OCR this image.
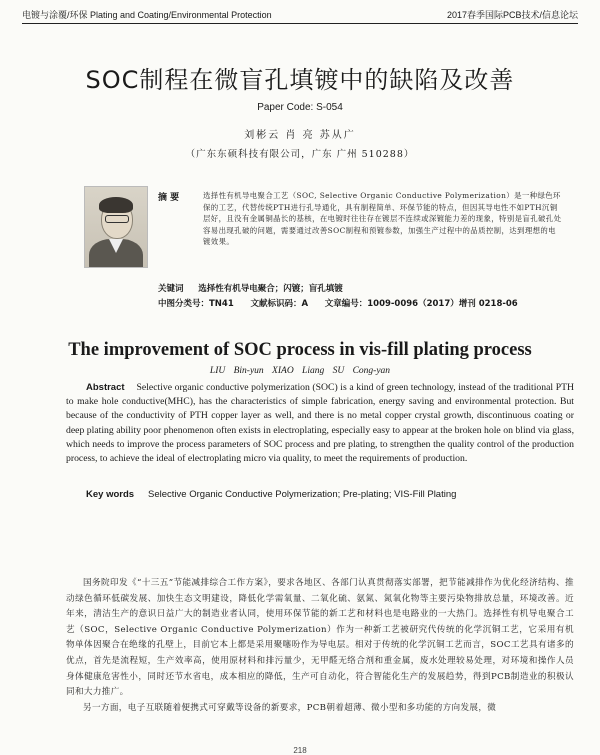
电镀与涂覆/环保 Plating and Coating/Environmental Protection	2017春季国际PCB技术/信息论坛
SOC制程在微盲孔填镀中的缺陷及改善
Paper Code: S-054
刘彬云 肖 亮 苏从广
（广东东硕科技有限公司，广东 广州 510288）
摘 要	选择性有机导电聚合工艺（SOC, Selective Organic Conductive Polymerization）是一种绿色环保的工艺，代替传统PTH进行孔导通化，具有制程简单、环保节能的特点，但因其导电性不如PTH沉铜层好，且没有金属铜晶长的基核，在电镀时往往存在镀层不连续或深镀能力差的现象，特别是盲孔破孔处容易出现孔破的问题，需要通过改善SOC制程和预镀参数，加强生产过程中的品质控制，达到理想的电镀效果。
关键词 选择性有机导电聚合；闪镀；盲孔填镀
中图分类号：TN41 文献标识码：A 文章编号：1009-0096（2017）增刊 0218-06
The improvement of SOC process in vis-fill plating process
LIU Bin-yun XIAO Liang SU Cong-yan
Abstract Selective organic conductive polymerization (SOC) is a kind of green technology, instead of the traditional PTH to make hole conductive(MHC), has the characteristics of simple fabrication, energy saving and environmental protection. But because of the conductivity of PTH copper layer as well, and there is no metal copper crystal growth, discontinuous coating or deep plating ability poor phenomenon often exists in electroplating, especially easy to appear at the broken hole on blind via glass, which needs to improve the process parameters of SOC process and pre plating, to strengthen the quality control of the production process, to achieve the ideal of electroplating micro via quality, to meet the requirements of production.
Key words Selective Organic Conductive Polymerization; Pre-plating; VIS-Fill Plating

国务院印发《“十三五”节能减排综合工作方案》，要求各地区、各部门认真贯彻落实部署，把节能减排作为优化经济结构、推动绿色循环低碳发展、加快生态文明建设，降低化学需氧量、二氧化硫、氨氮、氮氧化物等主要污染物排放总量，环境改善。近年来，清洁生产的意识日益广大的制造业者认同，使用环保节能的新工艺和材料也是电路业的一大热门。选择性有机导电聚合工艺（SOC，Selective Organic Conductive Polymerization）作为一种新工艺被研究代传统的化学沉铜工艺，它采用有机物单体因聚合在绝缘的孔壁上，目前它本上都是采用聚噻吩作为导电层。相对于传统的化学沉铜工艺而言，SOC工艺具有诸多的优点，首先是流程短，生产效率高，使用原材料和排污量少，无甲醛无络合剂和重金属，废水处理较易处理，对环境和操作人员身体健康危害性小，同时还节水省电，成本相应的降低，生产可自动化，符合智能化生产的发展趋势，得到PCB制造业的积极认同和大力推广。

另一方面，电子互联随着便携式可穿戴等设备的新要求，PCB朝着超薄、微小型和多功能的方向发展，微

218
